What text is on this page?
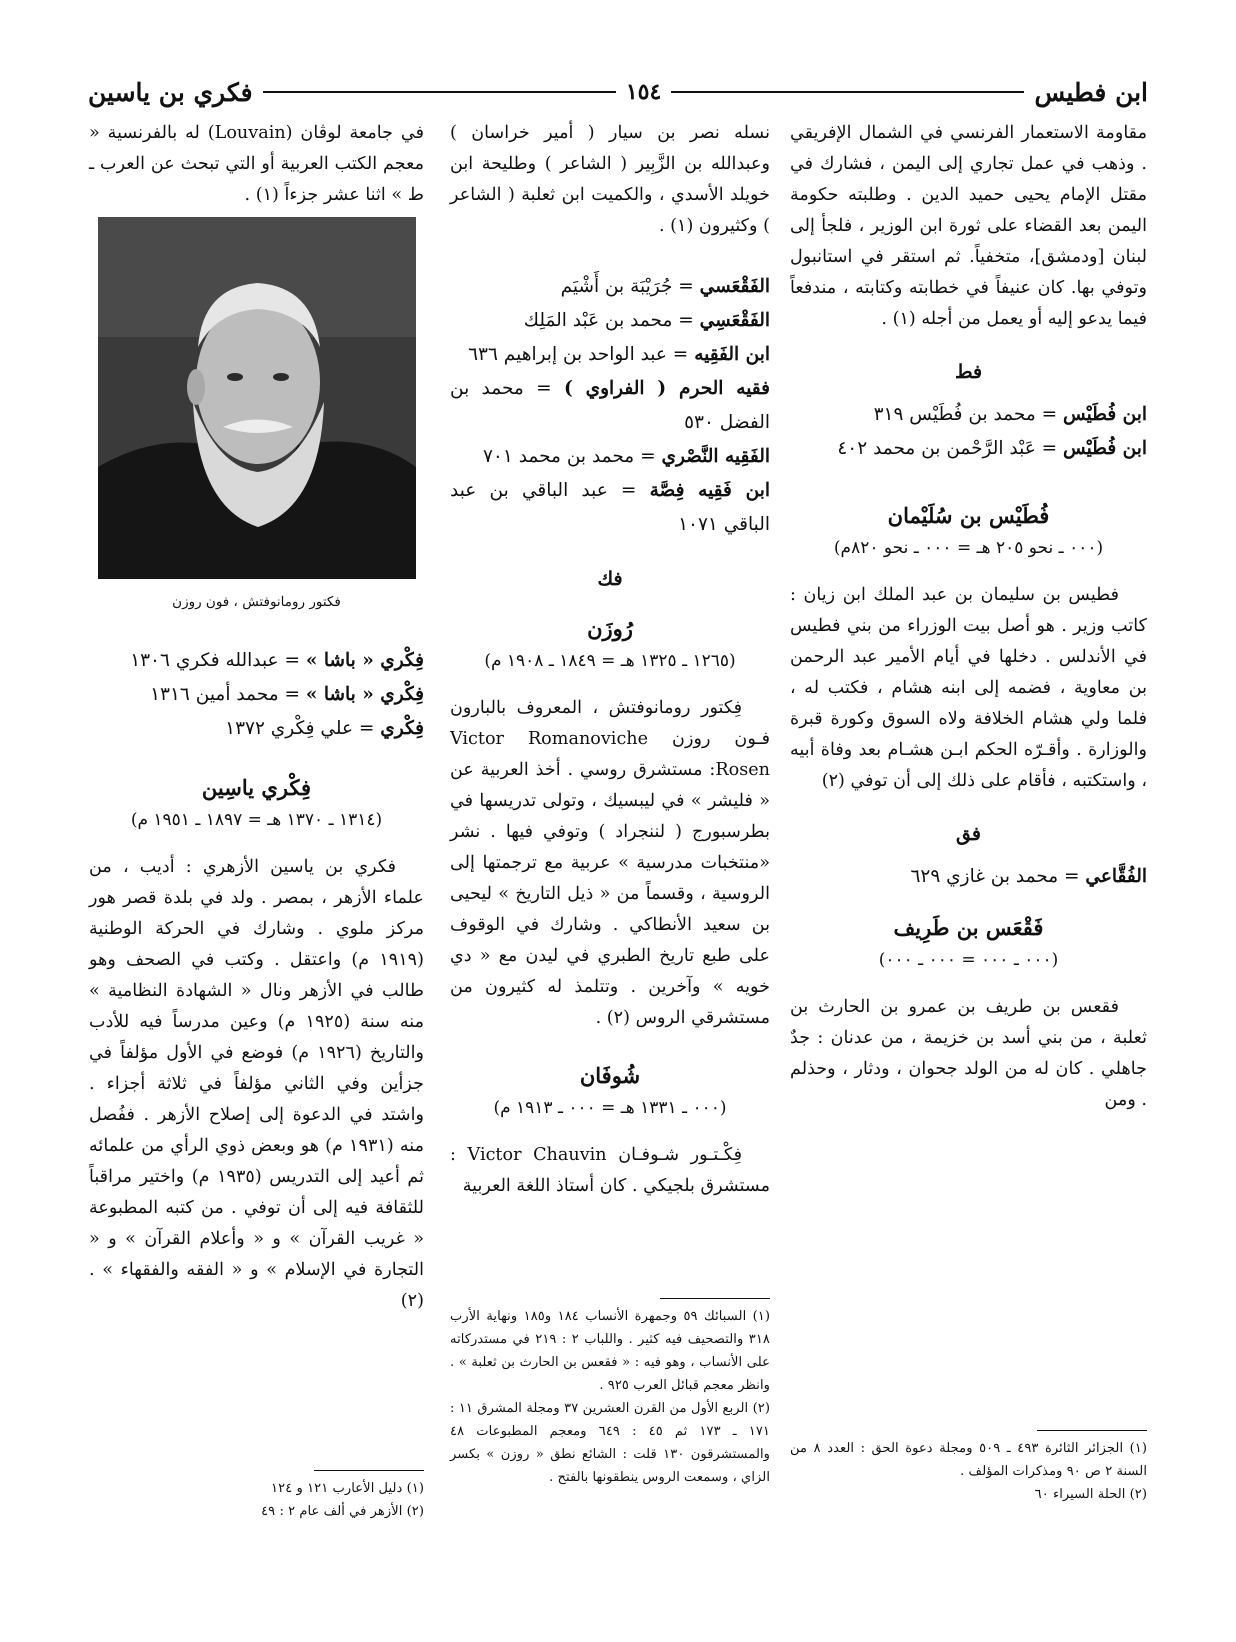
ابن فطيس
١٥٤
فكري بن ياسين

مقاومة الاستعمار الفرنسي في الشمال الإفريقي . وذهب في عمل تجاري إلى اليمن ، فشارك في مقتل الإمام يحيى حميد الدين . وطلبته حكومة اليمن بعد القضاء على ثورة ابن الوزير ، فلجأ إلى لبنان [ودمشق]، متخفياً. ثم استقر في استانبول وتوفي بها. كان عنيفاً في خطابته وكتابته ، مندفعاً فيما يدعو إليه أو يعمل من أجله (١) .

فط

ابن فُطَيْس = محمد بن فُطَيْس ٣١٩

ابن فُطَيْس = عَبْد الرَّحْمن بن محمد ٤٠٢

فُطَيْس بن سُلَيْمان
(٠٠٠ ـ نحو ٢٠٥ هـ = ٠٠٠ ـ نحو ٨٢٠م)

فطيس بن سليمان بن عبد الملك ابن زيان : كاتب وزير . هو أصل بيت الوزراء من بني فطيس في الأندلس . دخلها في أيام الأمير عبد الرحمن بن معاوية ، فضمه إلى ابنه هشام ، فكتب له ، فلما ولي هشام الخلافة ولاه السوق وكورة قبرة والوزارة . وأقـرّه الحكم ابـن هشـام بعد وفاة أبيه ، واستكتبه ، فأقام على ذلك إلى أن توفي (٢)

فق

الفُقَّاعي = محمد بن غازي ٦٢٩

فَقْعَس بن طَرِيف
(٠٠٠ ـ ٠٠٠ = ٠٠٠ ـ ٠٠٠)

فقعس بن طريف بن عمرو بن الحارث بن ثعلبة ، من بني أسد بن خزيمة ، من عدنان : جدٌ جاهلي . كان له من الولد جحوان ، ودثار ، وحذلم . ومن

(١) الجزائر الثائرة ٤٩٣ ـ ٥٠٩ ومجلة دعوة الحق : العدد ٨ من السنة ٢ ص ٩٠ ومذكرات المؤلف .
(٢) الحلة السيراء ٦٠

نسله نصر بن سيار ( أمير خراسان ) وعبدالله بن الزَّبِير ( الشاعر ) وطليحة ابن خويلد الأسدي ، والكميت ابن ثعلبة ( الشاعر ) وكثيرون (١) .

الفَقْعَسي = جُرَيْبَة بن أَشْيَم

الفَقْعَسِي = محمد بن عَبْد المَلِك

ابن الفَقِيه = عبد الواحد بن إبراهيم ٦٣٦

فقيه الحرم ( الفراوي ) = محمد بن الفضل ٥٣٠

الفَقِيه النَّصْري = محمد بن محمد ٧٠١

ابن فَقِيه فِصَّة = عبد الباقي بن عبد الباقي ١٠٧١

فك
رُوزَن
(١٢٦٥ ـ ١٣٢٥ هـ = ١٨٤٩ ـ ١٩٠٨ م)

فِكتور رومانوفتش ، المعروف بالبارون فـون روزن Victor Romanoviche Rosen: مستشرق روسي . أخذ العربية عن « فليشر » في ليبسيك ، وتولى تدريسها في بطرسبورج ( لننجراد ) وتوفي فيها . نشر «منتخبات مدرسية » عربية مع ترجمتها إلى الروسية ، وقسماً من « ذيل التاريخ » ليحيى بن سعيد الأنطاكي . وشارك في الوقوف على طبع تاريخ الطبري في ليدن مع « دي خويه » وآخرين . وتتلمذ له كثيرون من مستشرقي الروس (٢) .

شُوفَان
(٠٠٠ ـ ١٣٣١ هـ = ٠٠٠ ـ ١٩١٣ م)

فِكْـتـور شـوفـان Victor Chauvin : مستشرق بلجيكي . كان أستاذ اللغة العربية

(١) السبائك ٥٩ وجمهرة الأنساب ١٨٤ و١٨٥ ونهاية الأرب ٣١٨ والتصحيف فيه كثير . واللباب ٢ : ٢١٩ في مستدركاته على الأنساب ، وهو فيه : « فقعس بن الحارث بن ثعلبة » . وانظر معجم قبائل العرب ٩٢٥ .
(٢) الربع الأول من القرن العشرين ٣٧ ومجلة المشرق ١١ : ١٧١ ـ ١٧٣ ثم ٤٥ : ٦٤٩ ومعجم المطبوعات ٤٨ والمستشرقون ١٣٠ قلت : الشائع نطق « روزن » بكسر الزاي ، وسمعت الروس ينطقونها بالفتح .

في جامعة لوڤان (Louvain) له بالفرنسية « معجم الكتب العربية أو التي تبحث عن العرب ـ ط » اثنا عشر جزءاً (١) .

فكتور رومانوفتش ، فون روزن

فِكْري « باشا » = عبدالله فكري ١٣٠٦

فِكْري « باشا » = محمد أمين ١٣١٦

فِكْري = علي فِكْري ١٣٧٢

فِكْري ياسِين
(١٣١٤ ـ ١٣٧٠ هـ = ١٨٩٧ ـ ١٩٥١ م)

فكري بن ياسين الأزهري : أديب ، من علماء الأزهر ، بمصر . ولد في بلدة قصر هور مركز ملوي . وشارك في الحركة الوطنية (١٩١٩ م) واعتقل . وكتب في الصحف وهو طالب في الأزهر ونال « الشهادة النظامية » منه سنة (١٩٢٥ م) وعين مدرساً فيه للأدب والتاريخ (١٩٢٦ م) فوضع في الأول مؤلفاً في جزأين وفي الثاني مؤلفاً في ثلاثة أجزاء . واشتد في الدعوة إلى إصلاح الأزهر . ففُصل منه (١٩٣١ م) هو وبعض ذوي الرأي من علمائه ثم أعيد إلى التدريس (١٩٣٥ م) واختير مراقباً للثقافة فيه إلى أن توفي . من كتبه المطبوعة « غريب القرآن » و « وأعلام القرآن » و « التجارة في الإسلام » و « الفقه والفقهاء » . (٢)

(١) دليل الأعارب ١٢١ و ١٢٤
(٢) الأزهر في ألف عام ٢ : ٤٩
